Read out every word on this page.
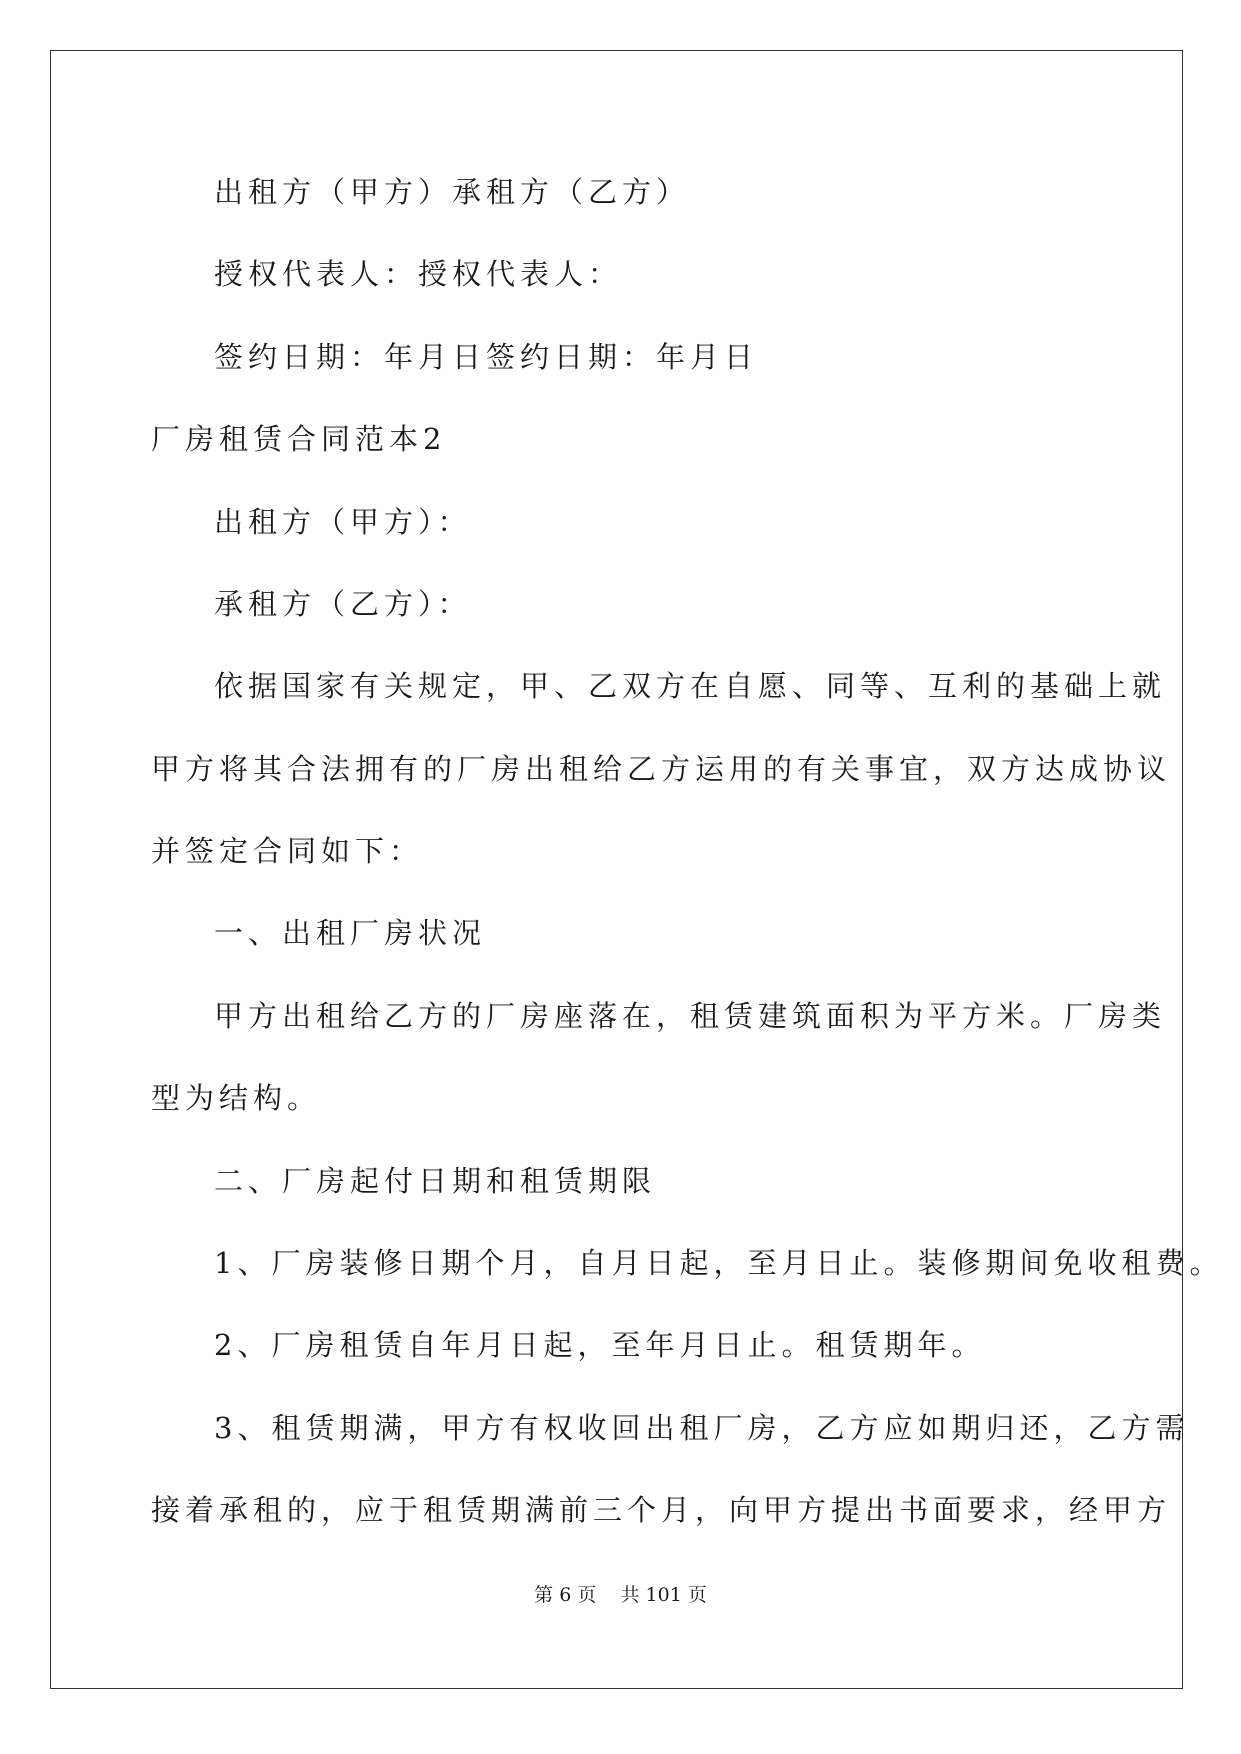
出租方（甲方）承租方（乙方）
授权代表人：授权代表人：
签约日期：年月日签约日期：年月日
厂房租赁合同范本2
出租方（甲方）：
承租方（乙方）：
依据国家有关规定，甲、乙双方在自愿、同等、互利的基础上就
甲方将其合法拥有的厂房出租给乙方运用的有关事宜，双方达成协议
并签定合同如下：
一、出租厂房状况
甲方出租给乙方的厂房座落在，租赁建筑面积为平方米。厂房类
型为结构。
二、厂房起付日期和租赁期限
1、厂房装修日期个月，自月日起，至月日止。装修期间免收租费。
2、厂房租赁自年月日起，至年月日止。租赁期年。
3、租赁期满，甲方有权收回出租厂房，乙方应如期归还，乙方需
接着承租的，应于租赁期满前三个月，向甲方提出书面要求，经甲方
第 6 页    共 101 页
